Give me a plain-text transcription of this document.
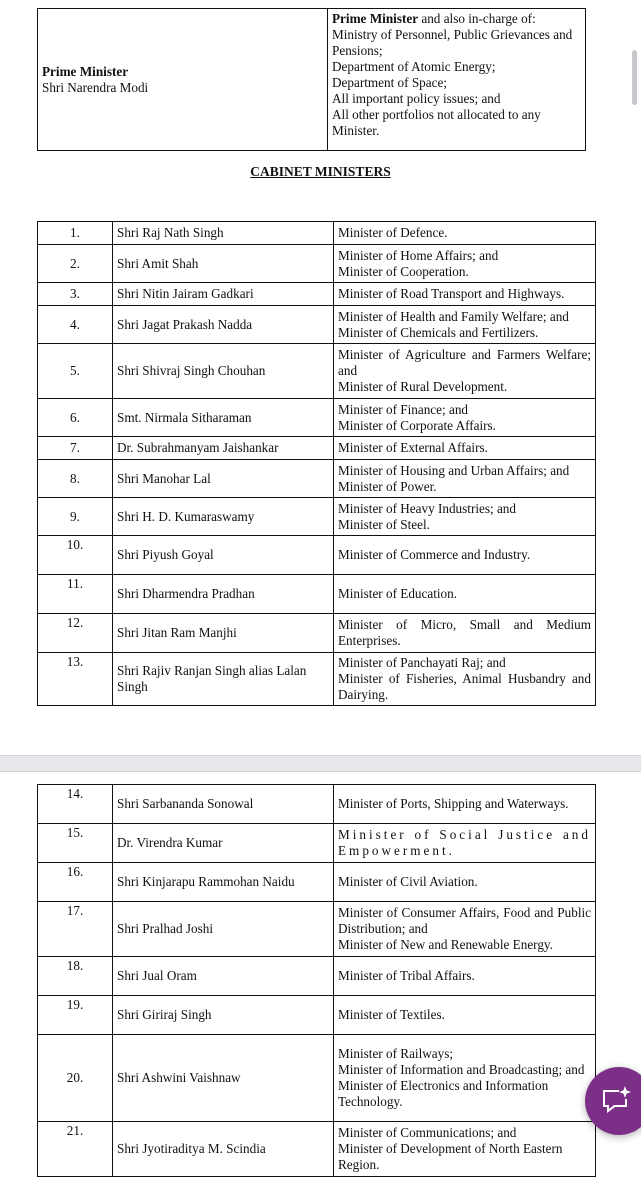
Prime Minister
Shri Narendra Modi

Prime Minister and also in-charge of:
Ministry of Personnel, Public Grievances and Pensions;
Department of Atomic Energy;
Department of Space;
All important policy issues; and
All other portfolios not allocated to any Minister.
CABINET MINISTERS
1.	Shri Raj Nath Singh	Minister of Defence.

2.	Shri Amit Shah	Minister of Home Affairs; and
Minister of Cooperation.

3.	Shri Nitin Jairam Gadkari	Minister of Road Transport and Highways.

4.	Shri Jagat Prakash Nadda	Minister of Health and Family Welfare; and
Minister of Chemicals and Fertilizers.

5.	Shri Shivraj Singh Chouhan	Minister of Agriculture and Farmers Welfare; and
Minister of Rural Development.

6.	Smt. Nirmala Sitharaman	Minister of Finance; and
Minister of Corporate Affairs.

7.	Dr. Subrahmanyam Jaishankar	Minister of External Affairs.

8.	Shri Manohar Lal	Minister of Housing and Urban Affairs; and
Minister of Power.

9.	Shri H. D. Kumaraswamy	Minister of Heavy Industries; and
Minister of Steel.

10.	Shri Piyush Goyal	Minister of Commerce and Industry.

11.	Shri Dharmendra Pradhan	Minister of Education.

12.	Shri Jitan Ram Manjhi	Minister of Micro, Small and Medium Enterprises.

13.	Shri Rajiv Ranjan Singh alias Lalan Singh	Minister of Panchayati Raj; and
Minister of Fisheries, Animal Husbandry and Dairying.
14.	Shri Sarbananda Sonowal	Minister of Ports, Shipping and Waterways.

15.	Dr. Virendra Kumar	Minister of Social Justice and Empowerment.

16.	Shri Kinjarapu Rammohan Naidu	Minister of Civil Aviation.

17.	Shri Pralhad Joshi	Minister of Consumer Affairs, Food and Public Distribution; and
Minister of New and Renewable Energy.

18.	Shri Jual Oram	Minister of Tribal Affairs.

19.	Shri Giriraj Singh	Minister of Textiles.

20.	Shri Ashwini Vaishnaw	Minister of Railways;
Minister of Information and Broadcasting; and
Minister of Electronics and Information Technology.

21.	Shri Jyotiraditya M. Scindia	Minister of Communications; and
Minister of Development of North Eastern Region.
